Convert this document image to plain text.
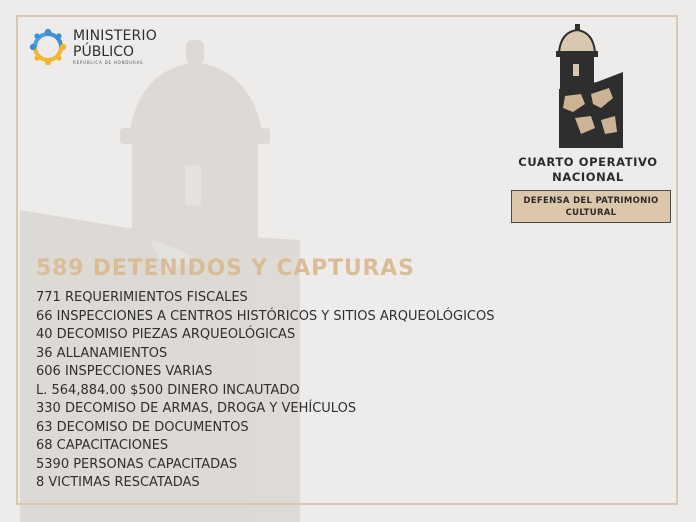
MINISTERIO
PÚBLICO
REPÚBLICA DE HONDURAS
CUARTO OPERATIVO
NACIONAL
DEFENSA DEL PATRIMONIO
CULTURAL
589 DETENIDOS Y CAPTURAS
771 REQUERIMIENTOS FISCALES
66 INSPECCIONES A CENTROS HISTÓRICOS Y SITIOS ARQUEOLÓGICOS
40 DECOMISO PIEZAS ARQUEOLÓGICAS
36 ALLANAMIENTOS
606 INSPECCIONES VARIAS
L. 564,884.00 $500 DINERO INCAUTADO
330 DECOMISO DE ARMAS, DROGA Y VEHÍCULOS
63 DECOMISO DE DOCUMENTOS
68 CAPACITACIONES
5390 PERSONAS CAPACITADAS
8 VICTIMAS RESCATADAS
